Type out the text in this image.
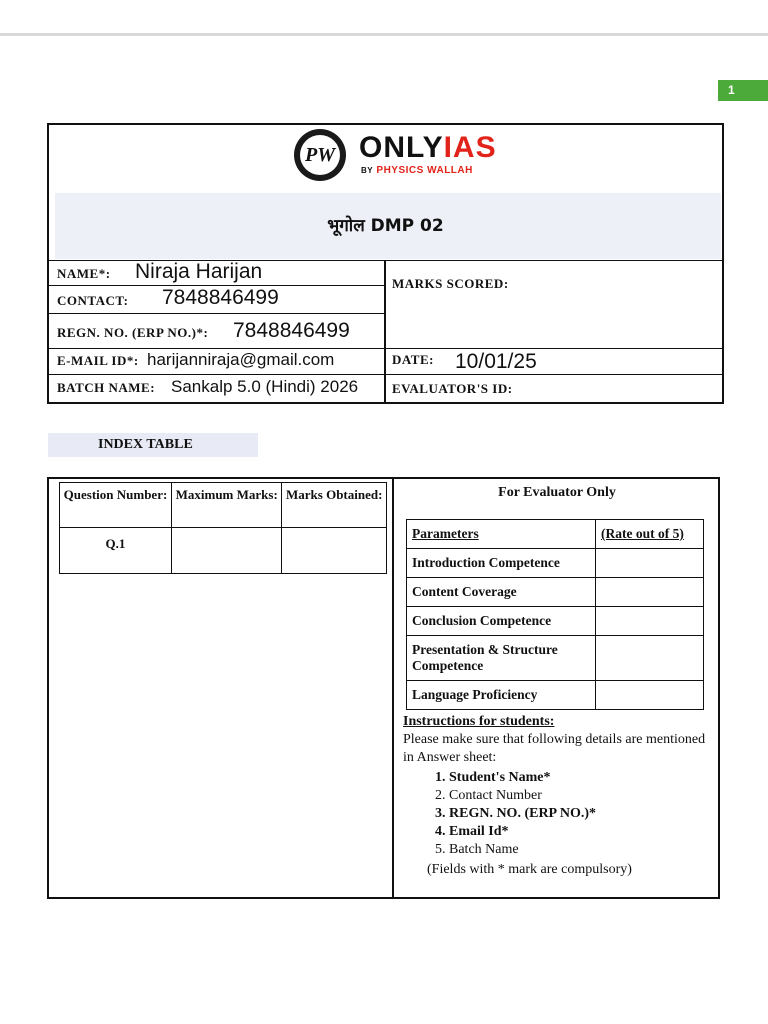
1
PW ONLYIAS
BY PHYSICS WALLAH
भूगोल DMP 02
NAME*: Niraja Harijan
MARKS SCORED:
CONTACT: 7848846499
REGN. NO. (ERP NO.)*: 7848846499
E-MAIL ID*: harijanniraja@gmail.com	DATE: 10/01/25
BATCH NAME: Sankalp 5.0 (Hindi) 2026	EVALUATOR'S ID:
INDEX TABLE
Question Number:	Maximum Marks:	Marks Obtained:
Q.1		
For Evaluator Only
Parameters	(Rate out of 5)
Introduction Competence	
Content Coverage	
Conclusion Competence	
Presentation & Structure Competence	
Language Proficiency	
Instructions for students:
Please make sure that following details are mentioned in Answer sheet:
1. Student's Name*
2. Contact Number
3. REGN. NO. (ERP NO.)*
4. Email Id*
5. Batch Name
(Fields with * mark are compulsory)
